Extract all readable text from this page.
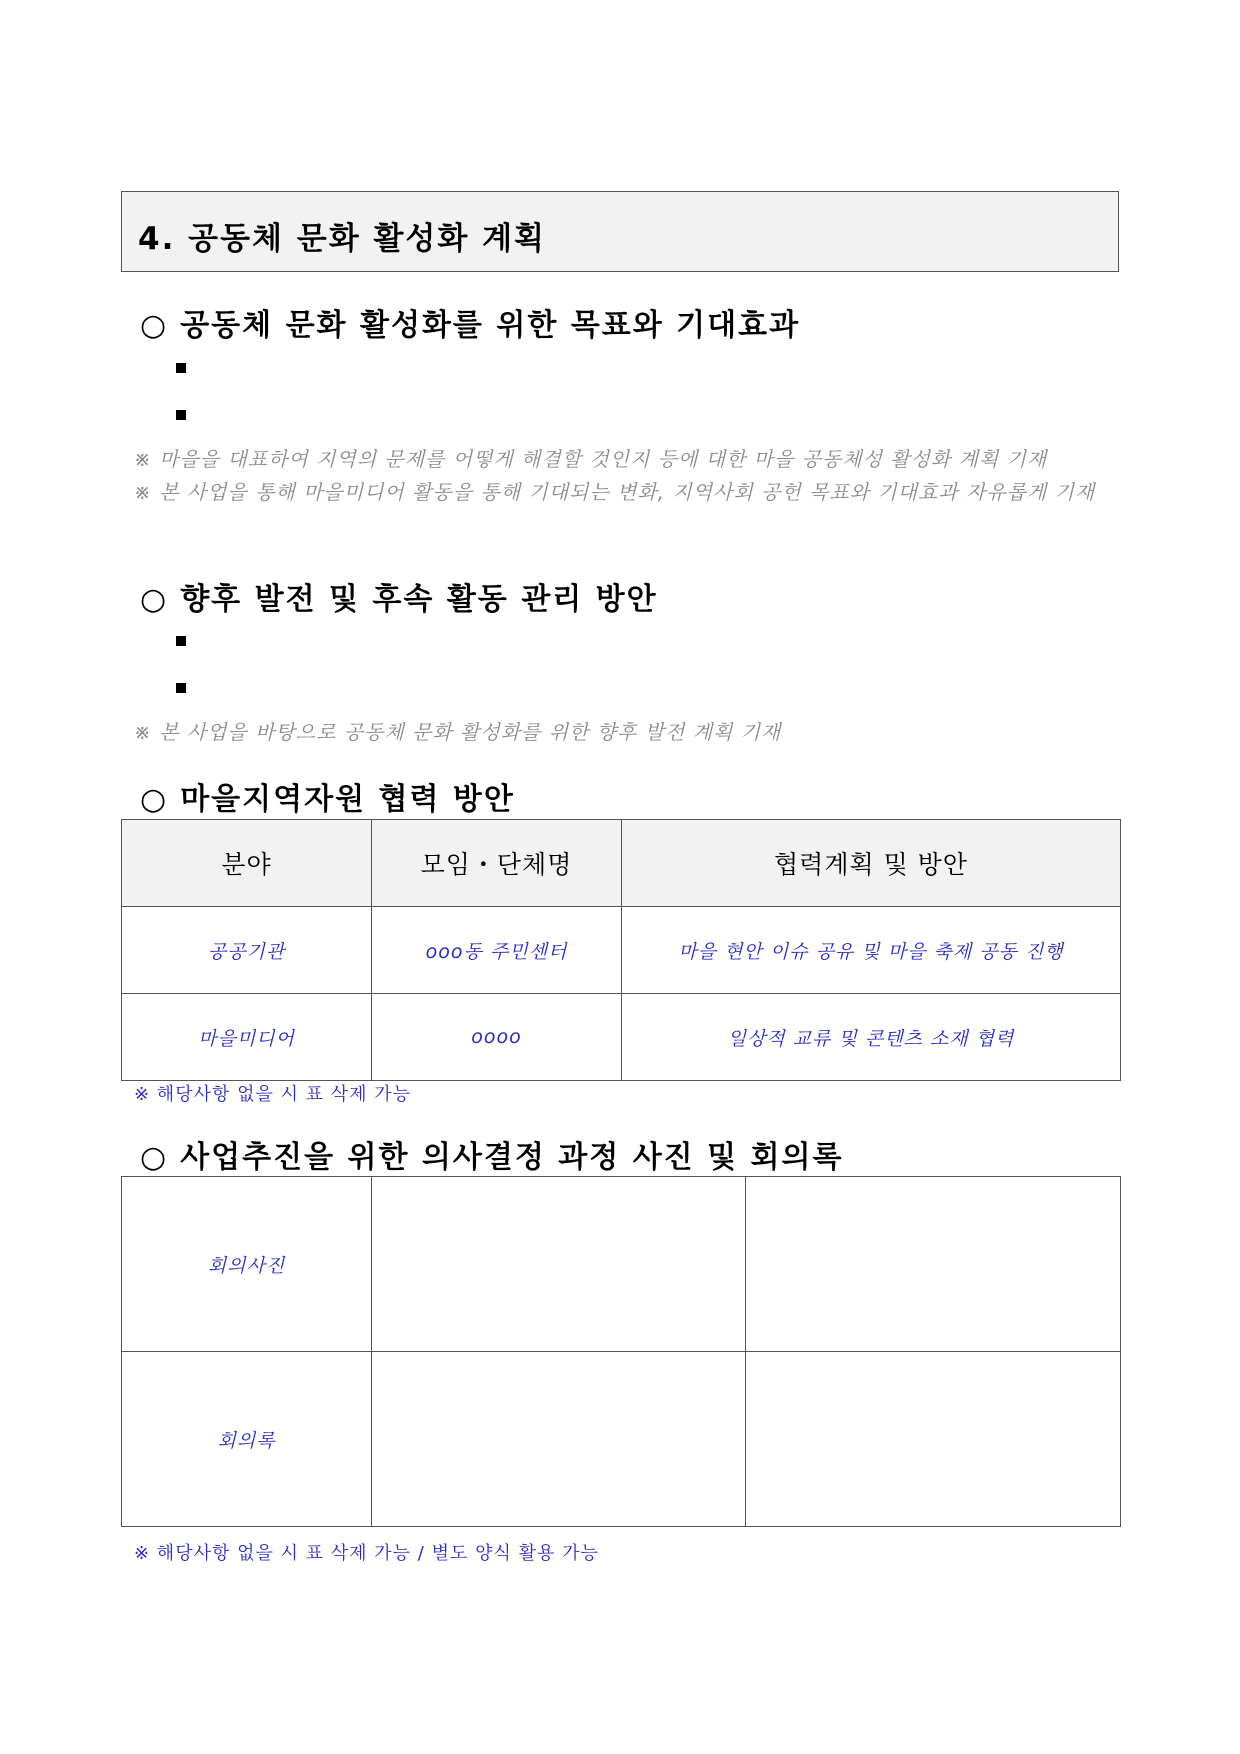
4. 공동체 문화 활성화 계획
○ 공동체 문화 활성화를 위한 목표와 기대효과
※ 마을을 대표하여 지역의 문제를 어떻게 해결할 것인지 등에 대한 마을 공동체성 활성화 계획 기재
※ 본 사업을 통해 마을미디어 활동을 통해 기대되는 변화, 지역사회 공헌 목표와 기대효과 자유롭게 기재
○ 향후 발전 및 후속 활동 관리 방안
※ 본 사업을 바탕으로 공동체 문화 활성화를 위한 향후 발전 계획 기재
○ 마을지역자원 협력 방안
분야	모임・단체명	협력계획 및 방안
공공기관	ooo동 주민센터	마을 현안 이슈 공유 및 마을 축제 공동 진행
마을미디어	oooo	일상적 교류 및 콘텐츠 소재 협력
※ 해당사항 없을 시 표 삭제 가능
○ 사업추진을 위한 의사결정 과정 사진 및 회의록
회의사진		
회의록		
※ 해당사항 없을 시 표 삭제 가능 / 별도 양식 활용 가능
